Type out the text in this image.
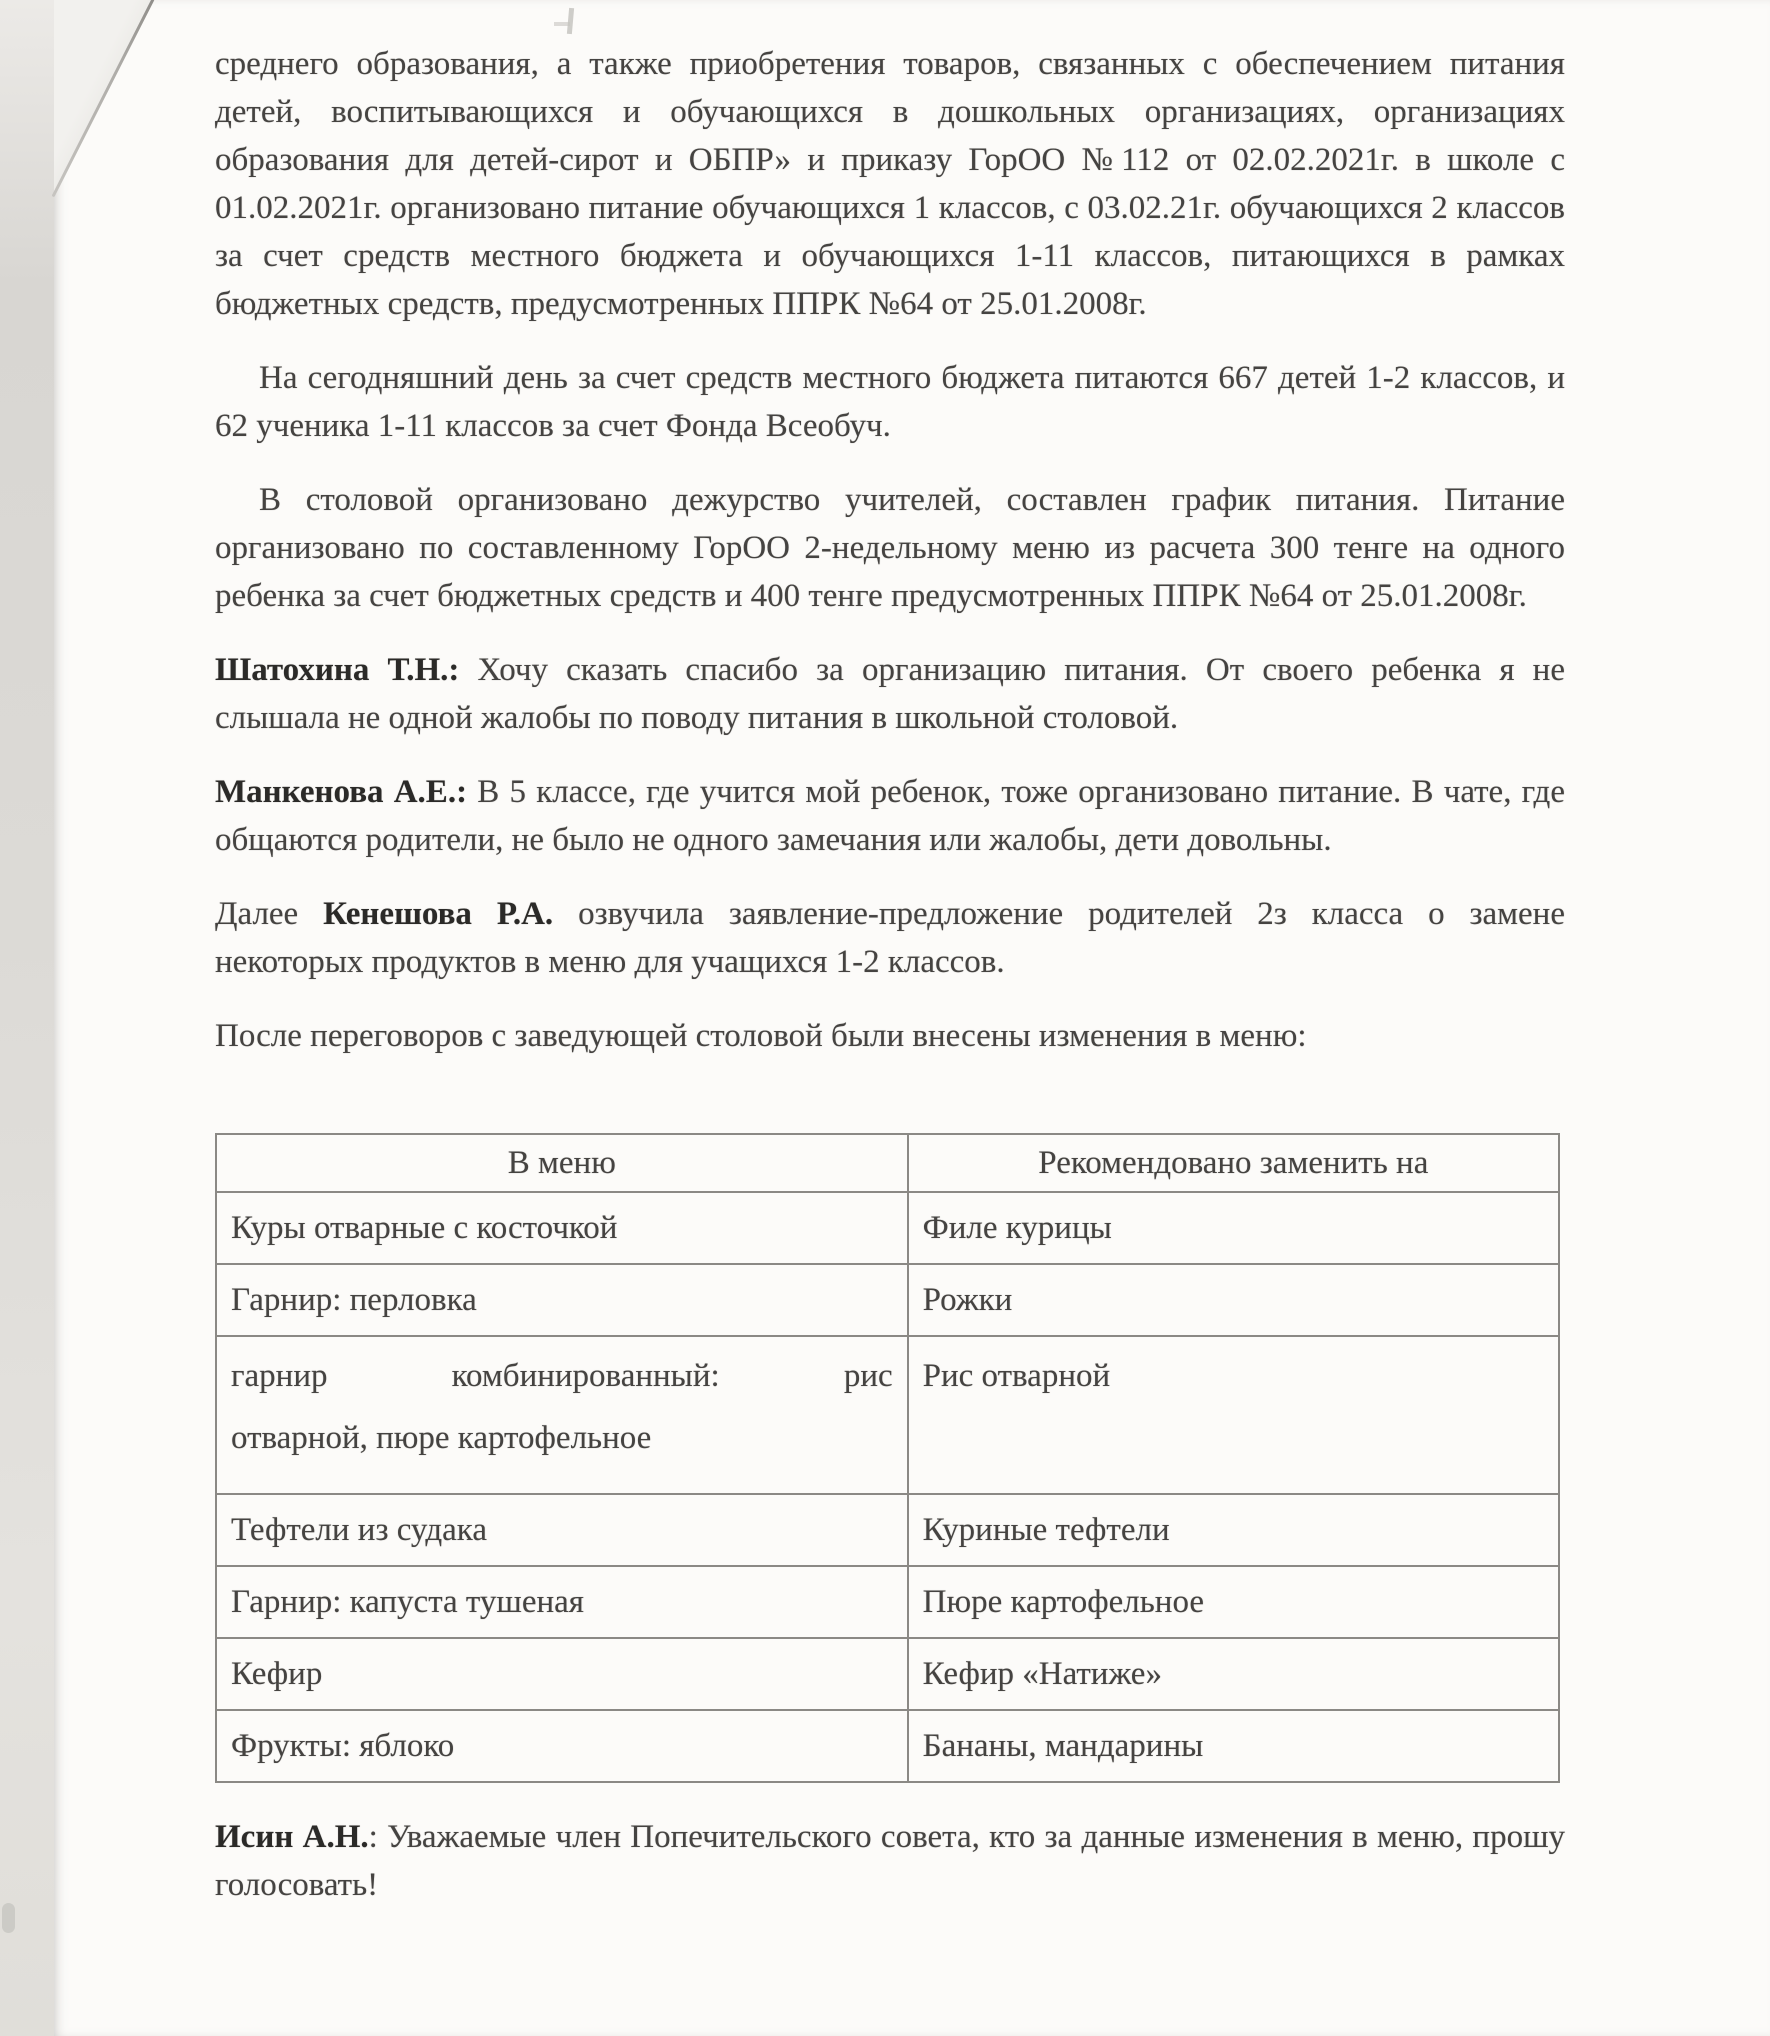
среднего образования, а также приобретения товаров, связанных с обеспечением питания детей, воспитывающихся и обучающихся в дошкольных организациях, организациях образования для детей-сирот и ОБПР» и приказу ГорОО №112 от 02.02.2021г. в школе с 01.02.2021г. организовано питание обучающихся 1 классов, с 03.02.21г. обучающихся 2 классов за счет средств местного бюджета и обучающихся 1-11 классов, питающихся в рамках бюджетных средств, предусмотренных ППРК №64 от 25.01.2008г.

На сегодняшний день за счет средств местного бюджета питаются 667 детей 1-2 классов, и 62 ученика 1-11 классов за счет Фонда Всеобуч.

В столовой организовано дежурство учителей, составлен график питания. Питание организовано по составленному ГорОО 2-недельному меню из расчета 300 тенге на одного ребенка за счет бюджетных средств и 400 тенге предусмотренных ППРК №64 от 25.01.2008г.

Шатохина Т.Н.: Хочу сказать спасибо за организацию питания. От своего ребенка я не слышала не одной жалобы по поводу питания в школьной столовой.

Манкенова А.Е.: В 5 классе, где учится мой ребенок, тоже организовано питание. В чате, где общаются родители, не было не одного замечания или жалобы, дети довольны.

Далее Кенешова Р.А. озвучила заявление-предложение родителей 2з класса о замене некоторых продуктов в меню для учащихся 1-2 классов.

После переговоров с заведующей столовой были внесены изменения в меню:

В меню	Рекомендовано заменить на
Куры отварные с косточкой	Филе курицы
Гарнир: перловка	Рожки

гарнир комбинированный: рис
отварной, пюре картофельное	Рис отварной
Тефтели из судака	Куриные тефтели
Гарнир: капуста тушеная	Пюре картофельное
Кефир	Кефир «Натиже»
Фрукты: яблоко	Бананы, мандарины

Исин А.Н.: Уважаемые член Попечительского совета, кто за данные изменения в меню, прошу голосовать!
